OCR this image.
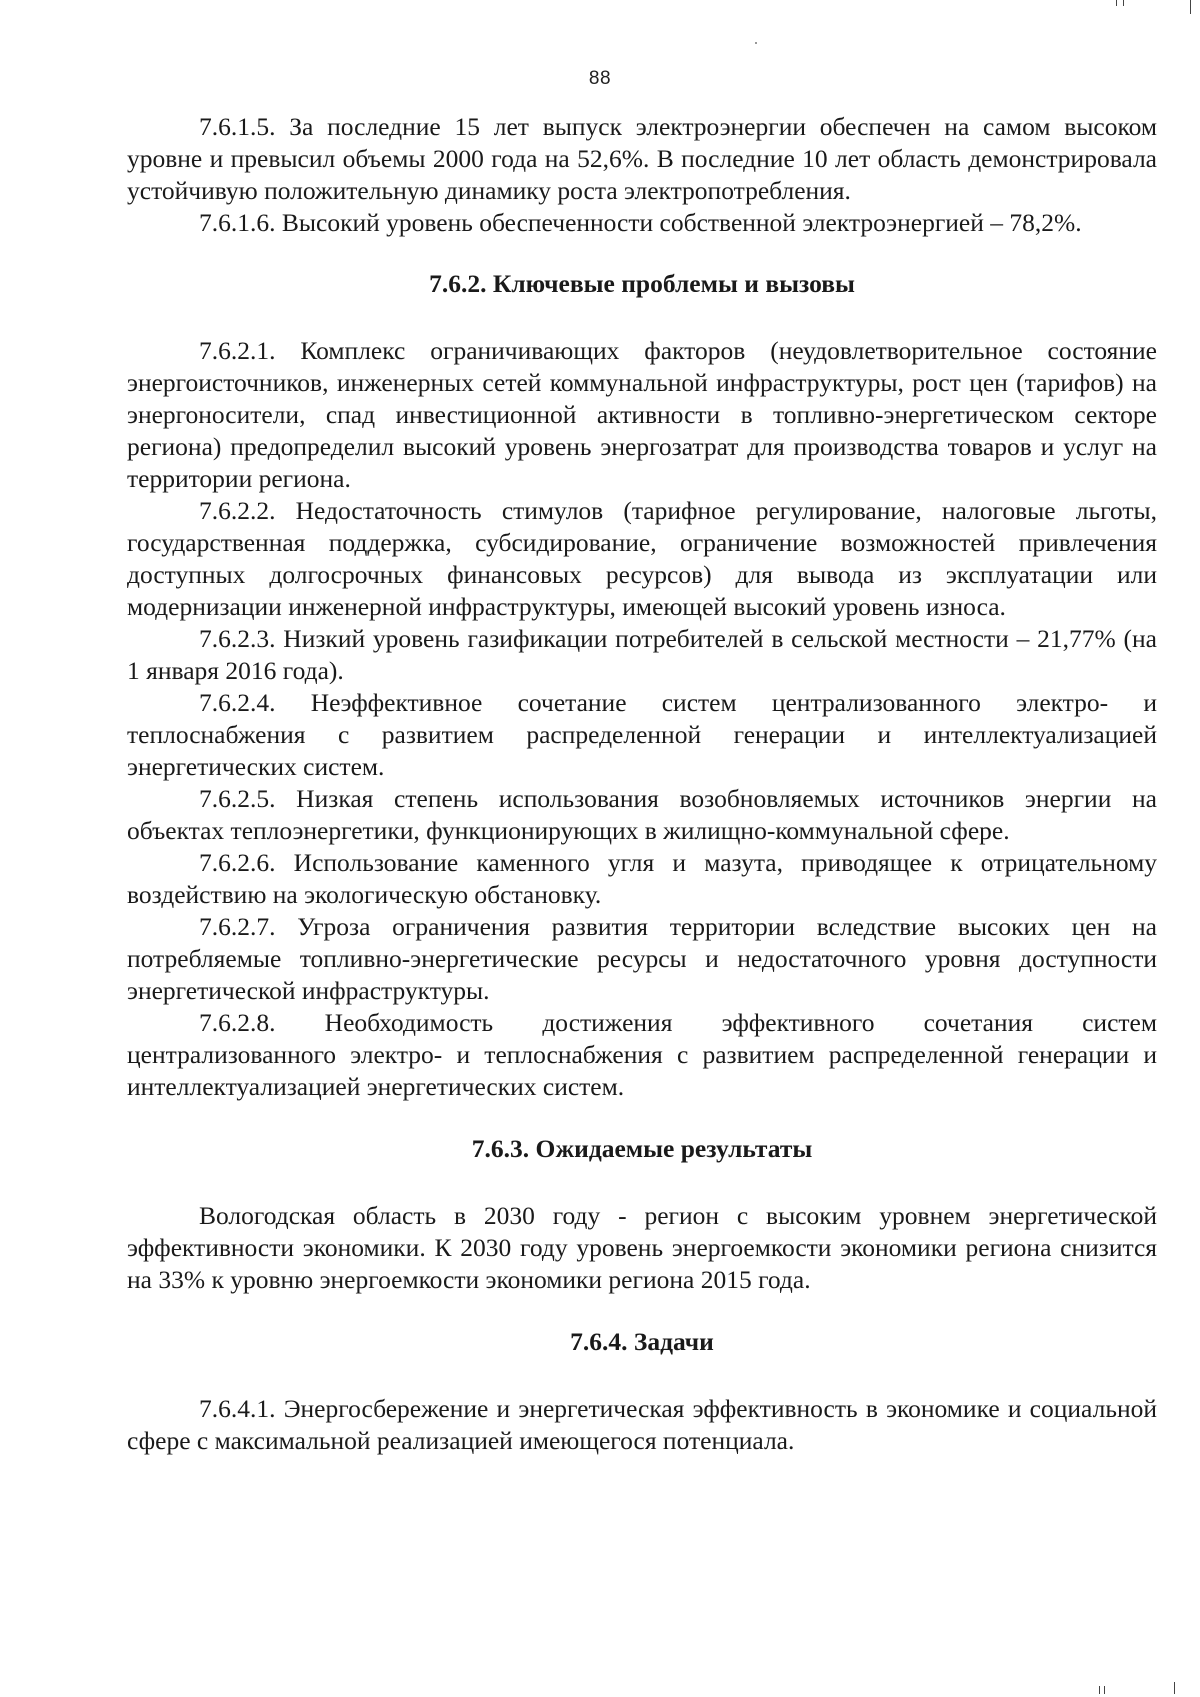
88

7.6.1.5. За последние 15 лет выпуск электроэнергии обеспечен на самом высоком уровне и превысил объемы 2000 года на 52,6%. В последние 10 лет область демонстрировала устойчивую положительную динамику роста электропотребления.

7.6.1.6. Высокий уровень обеспеченности собственной электроэнергией – 78,2%.

7.6.2. Ключевые проблемы и вызовы

7.6.2.1. Комплекс ограничивающих факторов (неудовлетворительное состояние энергоисточников, инженерных сетей коммунальной инфраструктуры, рост цен (тарифов) на энергоносители, спад инвестиционной активности в топливно-энергетическом секторе региона) предопределил высокий уровень энергозатрат для производства товаров и услуг на территории региона.

7.6.2.2. Недостаточность стимулов (тарифное регулирование, налоговые льготы, государственная поддержка, субсидирование, ограничение возможностей привлечения доступных долгосрочных финансовых ресурсов) для вывода из эксплуатации или модернизации инженерной инфраструктуры, имеющей высокий уровень износа.

7.6.2.3. Низкий уровень газификации потребителей в сельской местности – 21,77% (на 1 января 2016 года).

7.6.2.4. Неэффективное сочетание систем централизованного электро- и теплоснабжения с развитием распределенной генерации и интеллектуализацией энергетических систем.

7.6.2.5. Низкая степень использования возобновляемых источников энергии на объектах теплоэнергетики, функционирующих в жилищно-коммунальной сфере.

7.6.2.6. Использование каменного угля и мазута, приводящее к отрицательному воздействию на экологическую обстановку.

7.6.2.7. Угроза ограничения развития территории вследствие высоких цен на потребляемые топливно-энергетические ресурсы и недостаточного уровня доступности энергетической инфраструктуры.

7.6.2.8. Необходимость достижения эффективного сочетания систем централизованного электро- и теплоснабжения с развитием распределенной генерации и интеллектуализацией энергетических систем.

7.6.3. Ожидаемые результаты

Вологодская область в 2030 году - регион с высоким уровнем энергетической эффективности экономики. К 2030 году уровень энергоемкости экономики региона снизится на 33% к уровню энергоемкости экономики региона 2015 года.

7.6.4. Задачи

7.6.4.1. Энергосбережение и энергетическая эффективность в экономике и социальной сфере с максимальной реализацией имеющегося потенциала.
